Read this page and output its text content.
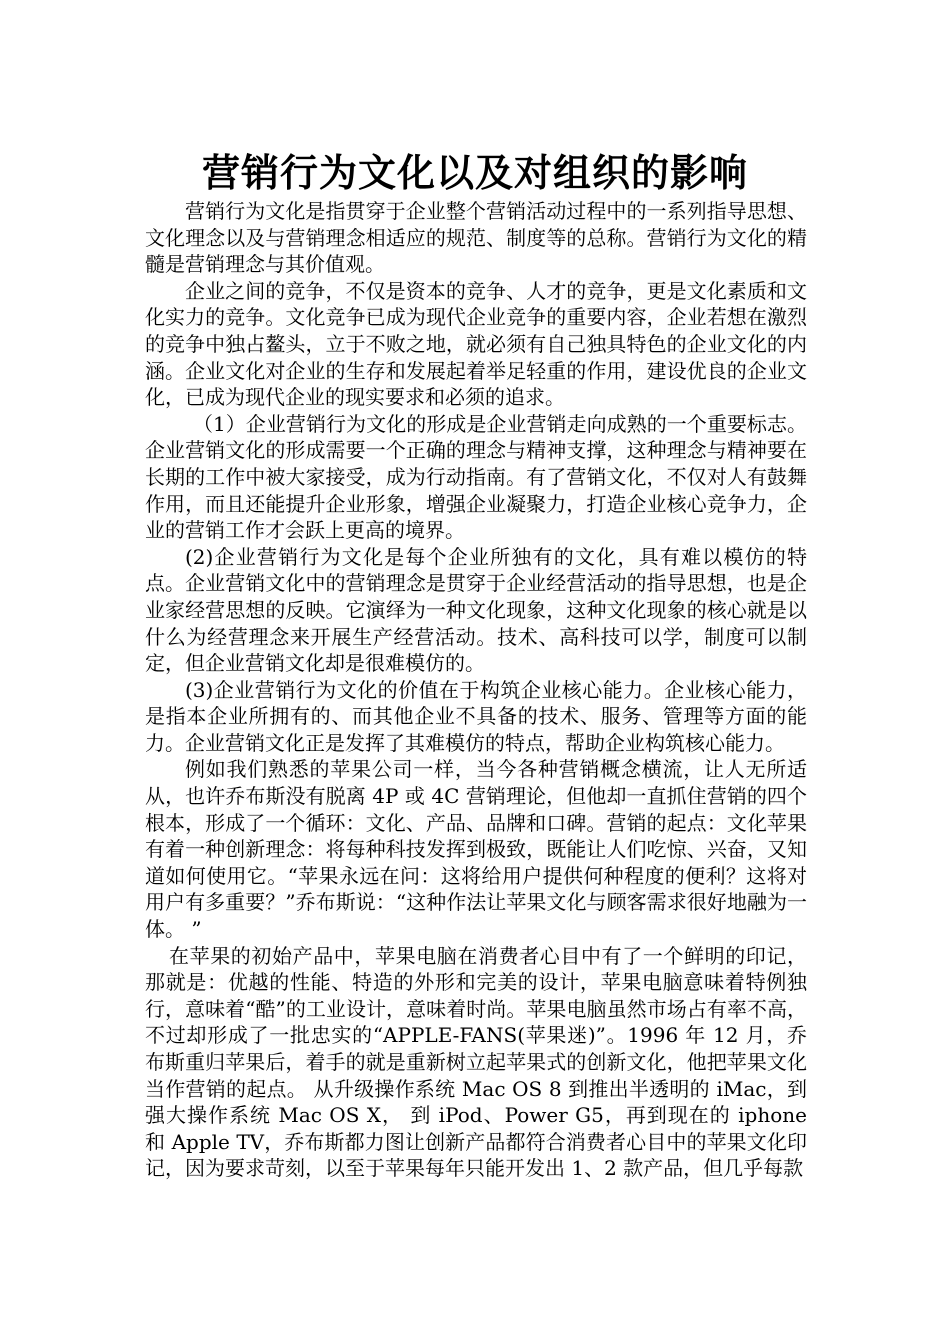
营销行为文化以及对组织的影响

营销行为文化是指贯穿于企业整个营销活动过程中的一系列指导思想、文化理念以及与营销理念相适应的规范、制度等的总称。营销行为文化的精髓是营销理念与其价值观。

企业之间的竞争，不仅是资本的竞争、人才的竞争，更是文化素质和文化实力的竞争。文化竞争已成为现代企业竞争的重要内容，企业若想在激烈的竞争中独占鳌头，立于不败之地，就必须有自己独具特色的企业文化的内涵。企业文化对企业的生存和发展起着举足轻重的作用，建设优良的企业文化，已成为现代企业的现实要求和必须的追求。

（1）企业营销行为文化的形成是企业营销走向成熟的一个重要标志。企业营销文化的形成需要一个正确的理念与精神支撑，这种理念与精神要在长期的工作中被大家接受，成为行动指南。有了营销文化，不仅对人有鼓舞作用，而且还能提升企业形象，增强企业凝聚力，打造企业核心竞争力，企业的营销工作才会跃上更高的境界。

(2)企业营销行为文化是每个企业所独有的文化，具有难以模仿的特点。企业营销文化中的营销理念是贯穿于企业经营活动的指导思想，也是企业家经营思想的反映。它演绎为一种文化现象，这种文化现象的核心就是以什么为经营理念来开展生产经营活动。技术、高科技可以学，制度可以制定，但企业营销文化却是很难模仿的。

(3)企业营销行为文化的价值在于构筑企业核心能力。企业核心能力，是指本企业所拥有的、而其他企业不具备的技术、服务、管理等方面的能力。企业营销文化正是发挥了其难模仿的特点，帮助企业构筑核心能力。

例如我们熟悉的苹果公司一样，当今各种营销概念横流，让人无所适从，也许乔布斯没有脱离 4P 或 4C 营销理论，但他却一直抓住营销的四个根本，形成了一个循环：文化、产品、品牌和口碑。营销的起点：文化苹果有着一种创新理念：将每种科技发挥到极致，既能让人们吃惊、兴奋，又知道如何使用它。“苹果永远在问：这将给用户提供何种程度的便利？这将对用户有多重要？”乔布斯说：“这种作法让苹果文化与顾客需求很好地融为一体。 ”

在苹果的初始产品中，苹果电脑在消费者心目中有了一个鲜明的印记，那就是：优越的性能、特造的外形和完美的设计，苹果电脑意味着特例独行，意味着“酷”的工业设计，意味着时尚。苹果电脑虽然市场占有率不高，不过却形成了一批忠实的“APPLE-FANS(苹果迷)”。1996 年 12 月，乔布斯重归苹果后，着手的就是重新树立起苹果式的创新文化，他把苹果文化当作营销的起点。 从升级操作系统 Mac OS 8 到推出半透明的 iMac，到强大操作系统 Mac OS X， 到 iPod、Power G5，再到现在的 iphone 和 Apple TV，乔布斯都力图让创新产品都符合消费者心目中的苹果文化印记，因为要求苛刻，以至于苹果每年只能开发出 1、2 款产品，但几乎每款
